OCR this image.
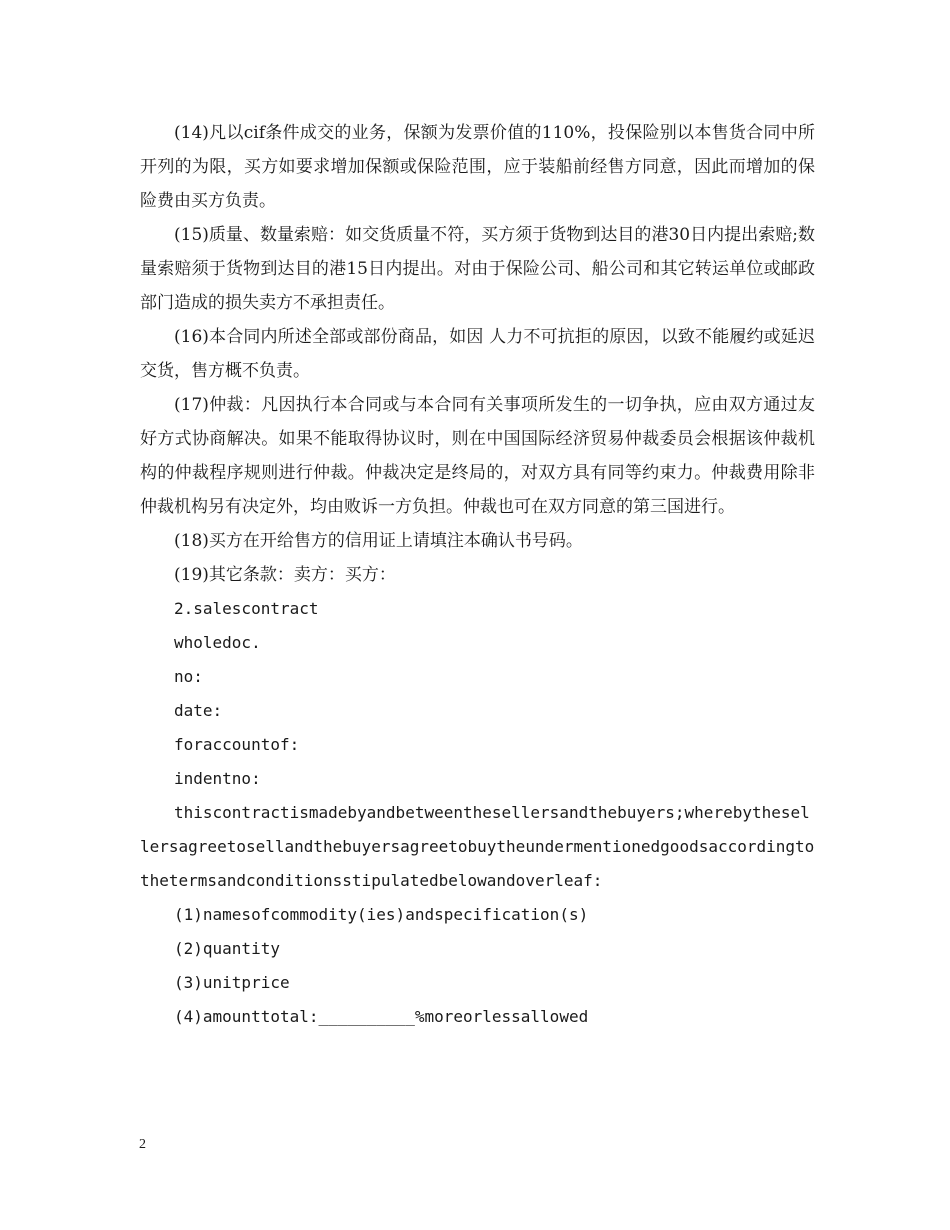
(14)凡以cif条件成交的业务，保额为发票价值的110%，投保险别以本售货合同中所开列的为限，买方如要求增加保额或保险范围，应于装船前经售方同意，因此而增加的保险费由买方负责。

(15)质量、数量索赔：如交货质量不符，买方须于货物到达目的港30日内提出索赔;数量索赔须于货物到达目的港15日内提出。对由于保险公司、船公司和其它转运单位或邮政部门造成的损失卖方不承担责任。

(16)本合同内所述全部或部份商品，如因 人力不可抗拒的原因，以致不能履约或延迟交货，售方概不负责。

(17)仲裁：凡因执行本合同或与本合同有关事项所发生的一切争执，应由双方通过友好方式协商解决。如果不能取得协议时，则在中国国际经济贸易仲裁委员会根据该仲裁机构的仲裁程序规则进行仲裁。仲裁决定是终局的，对双方具有同等约束力。仲裁费用除非仲裁机构另有决定外，均由败诉一方负担。仲裁也可在双方同意的第三国进行。

(18)买方在开给售方的信用证上请填注本确认书号码。

(19)其它条款：卖方：买方：

2.salescontract

wholedoc.

no:

date:

foraccountof:

indentno:

thiscontractismadebyandbetweenthesellersandthebuyers;wherebythesellersagreetosellandthebuyersagreetobuytheundermentionedgoodsaccordingtothetermsandconditionsstipulatedbelowandoverleaf:

(1)namesofcommodity(ies)andspecification(s)

(2)quantity

(3)unitprice

(4)amounttotal:__________%moreorlessallowed

2
